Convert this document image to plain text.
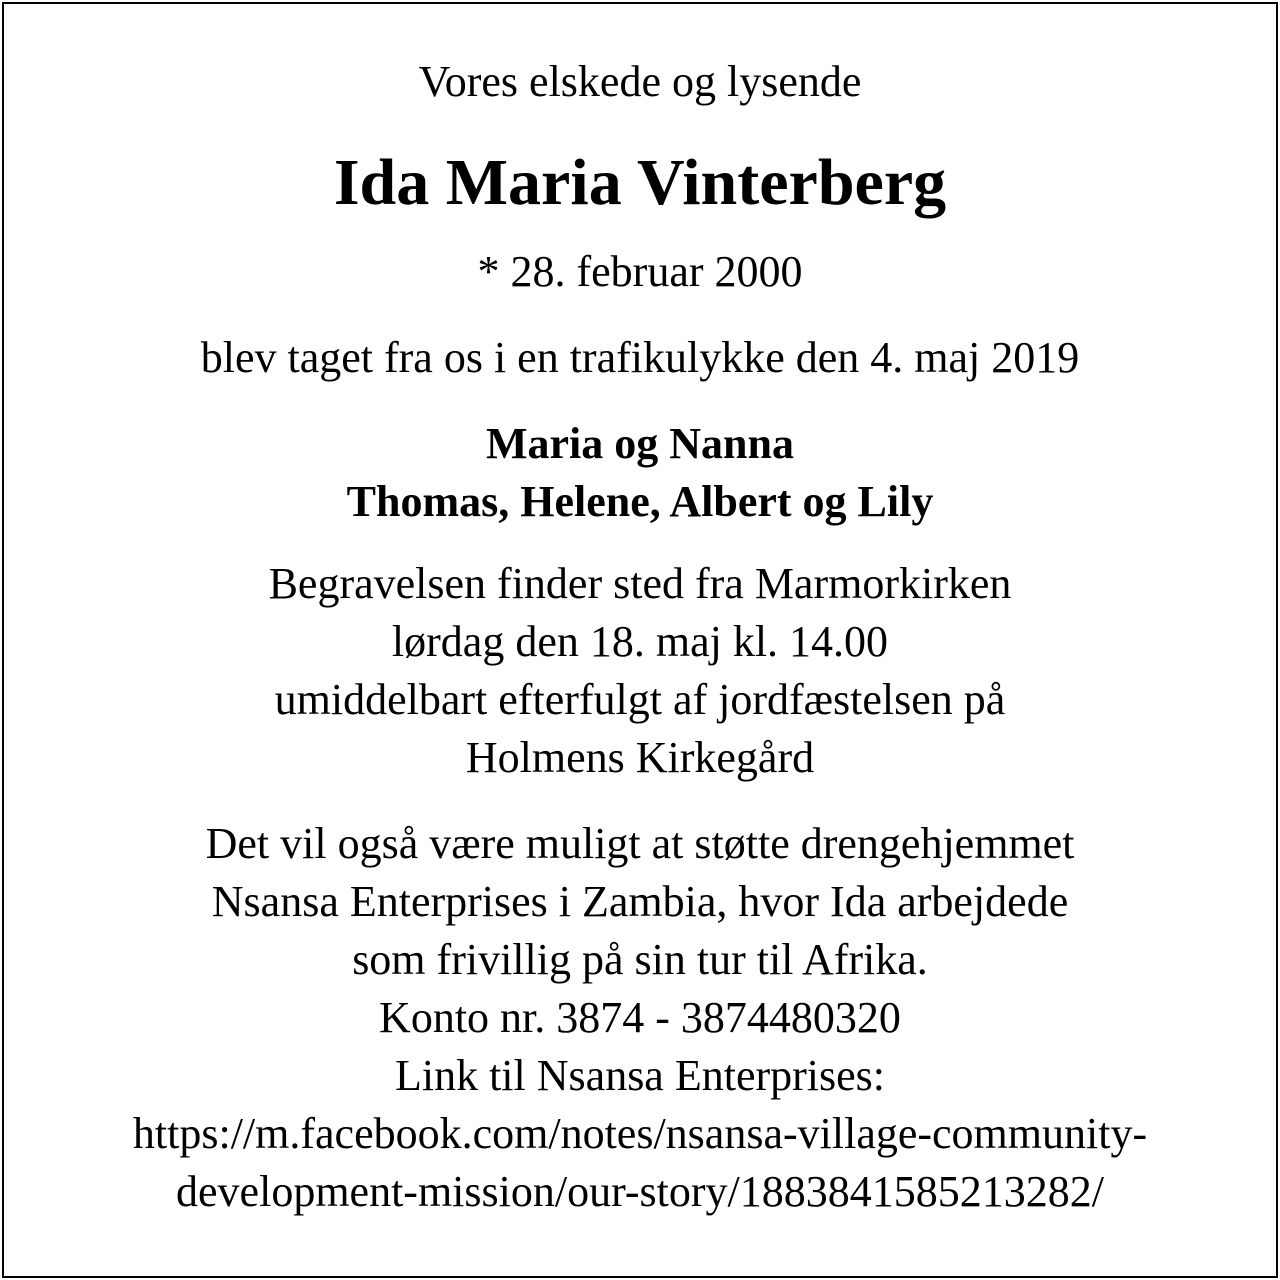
Vores elskede og lysende
Ida Maria Vinterberg
* 28. februar 2000
blev taget fra os i en trafikulykke den 4. maj 2019
Maria og Nanna
Thomas, Helene, Albert og Lily
Begravelsen finder sted fra Marmorkirken
lørdag den 18. maj kl. 14.00
umiddelbart efterfulgt af jordfæstelsen på
Holmens Kirkegård
Det vil også være muligt at støtte drengehjemmet
Nsansa Enterprises i Zambia, hvor Ida arbejdede
som frivillig på sin tur til Afrika.
Konto nr. 3874 - 3874480320
Link til Nsansa Enterprises:
https://m.facebook.com/notes/nsansa-village-community-
development-mission/our-story/1883841585213282/
